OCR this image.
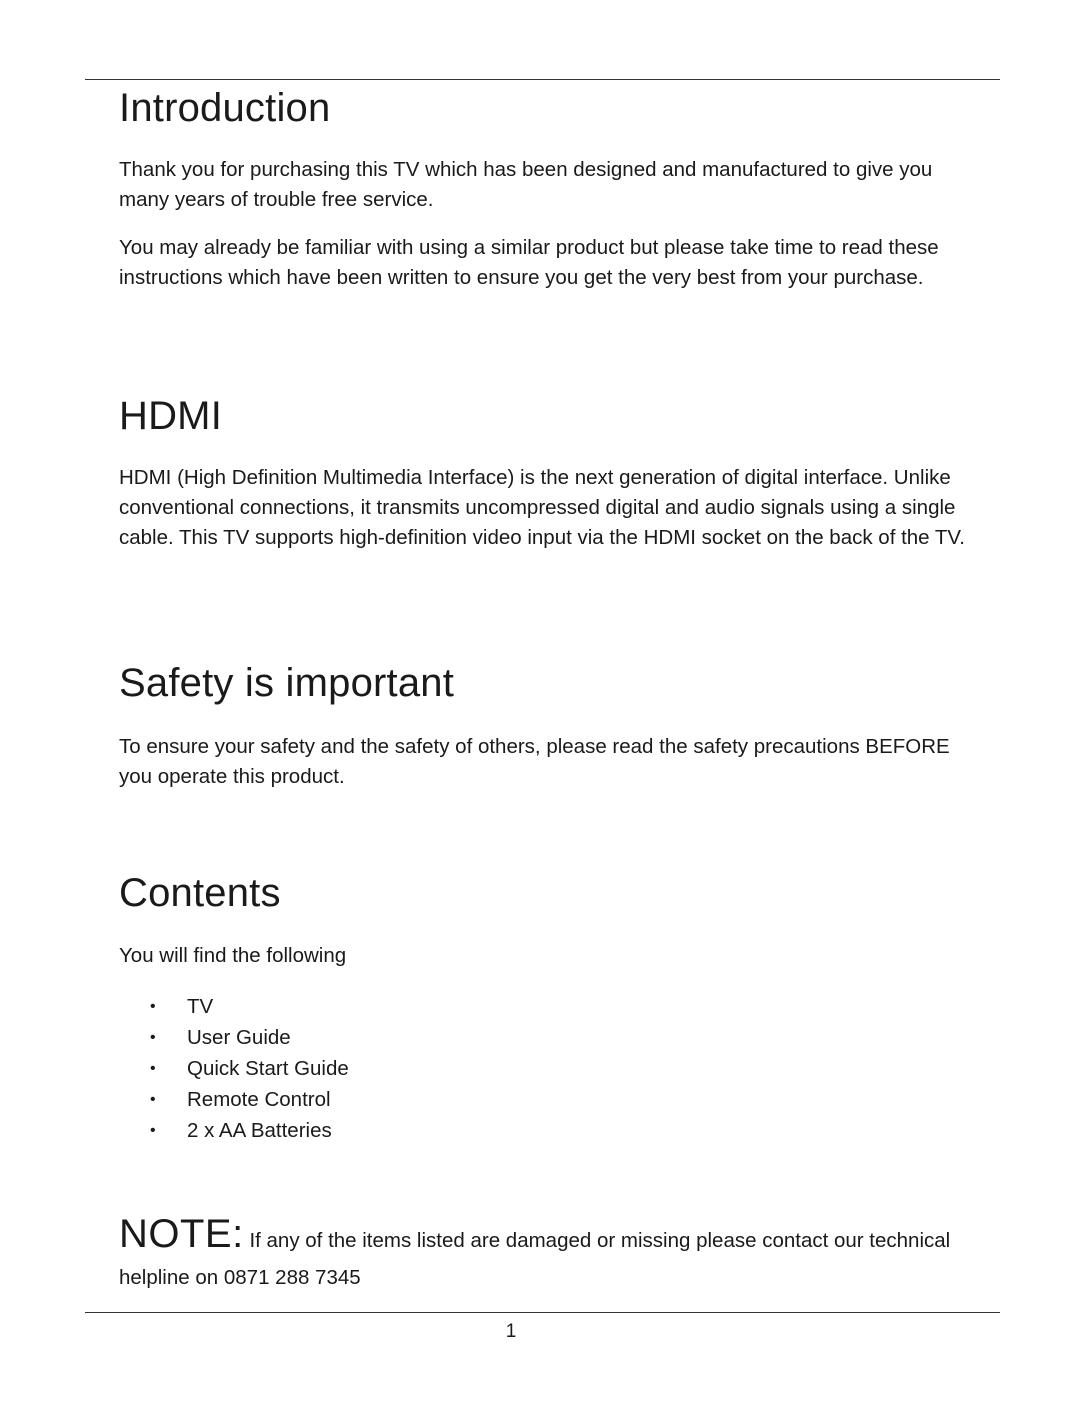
Introduction

Thank you for purchasing this TV which has been designed and manufactured to give you many years of trouble free service.

You may already be familiar with using a similar product but please take time to read these instructions which have been written to ensure you get the very best from your purchase.

HDMI

HDMI (High Definition Multimedia Interface) is the next generation of digital interface. Unlike conventional connections, it transmits uncompressed digital and audio signals using a single cable. This TV supports high-definition video input via the HDMI socket on the back of the TV.

Safety is important

To ensure your safety and the safety of others, please read the safety precautions BEFORE you operate this product.

Contents

You will find the following

• TV
• User Guide
• Quick Start Guide
• Remote Control
• 2 x AA Batteries

NOTE: If any of the items listed are damaged or missing please contact our technical helpline on 0871 288 7345

1
